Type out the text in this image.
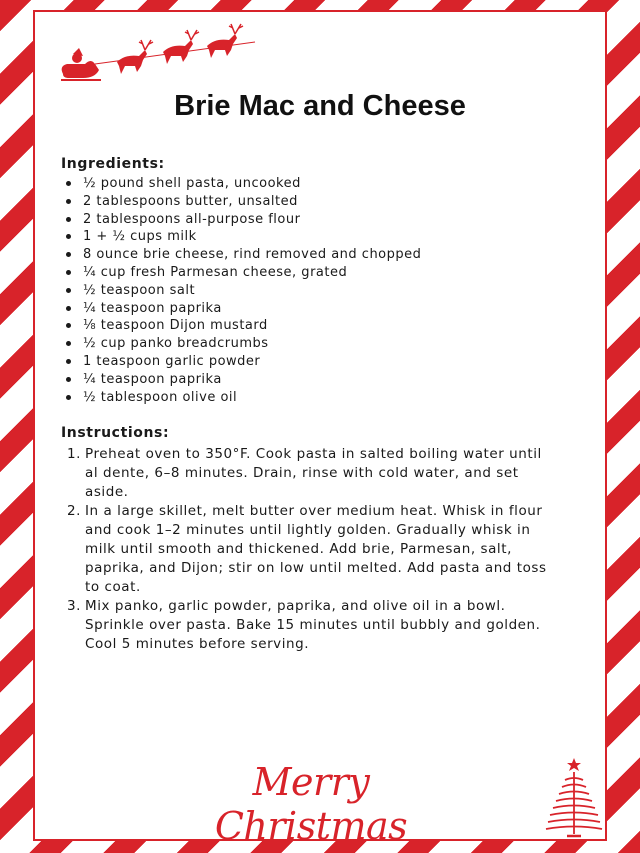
Brie Mac and Cheese
Ingredients:
½ pound shell pasta, uncooked
2 tablespoons butter, unsalted
2 tablespoons all-purpose flour
1 + ½ cups milk
8 ounce brie cheese, rind removed and chopped
¼ cup fresh Parmesan cheese, grated
½ teaspoon salt
¼ teaspoon paprika
⅛ teaspoon Dijon mustard
½ cup panko breadcrumbs
1 teaspoon garlic powder
¼ teaspoon paprika
½ tablespoon olive oil
Instructions:
1. Preheat oven to 350°F. Cook pasta in salted boiling water until al dente, 6–8 minutes. Drain, rinse with cold water, and set aside.
2. In a large skillet, melt butter over medium heat. Whisk in flour and cook 1–2 minutes until lightly golden. Gradually whisk in milk until smooth and thickened. Add brie, Parmesan, salt, paprika, and Dijon; stir on low until melted. Add pasta and toss to coat.
3. Mix panko, garlic powder, paprika, and olive oil in a bowl. Sprinkle over pasta. Bake 15 minutes until bubbly and golden. Cool 5 minutes before serving.
Merry Christmas
